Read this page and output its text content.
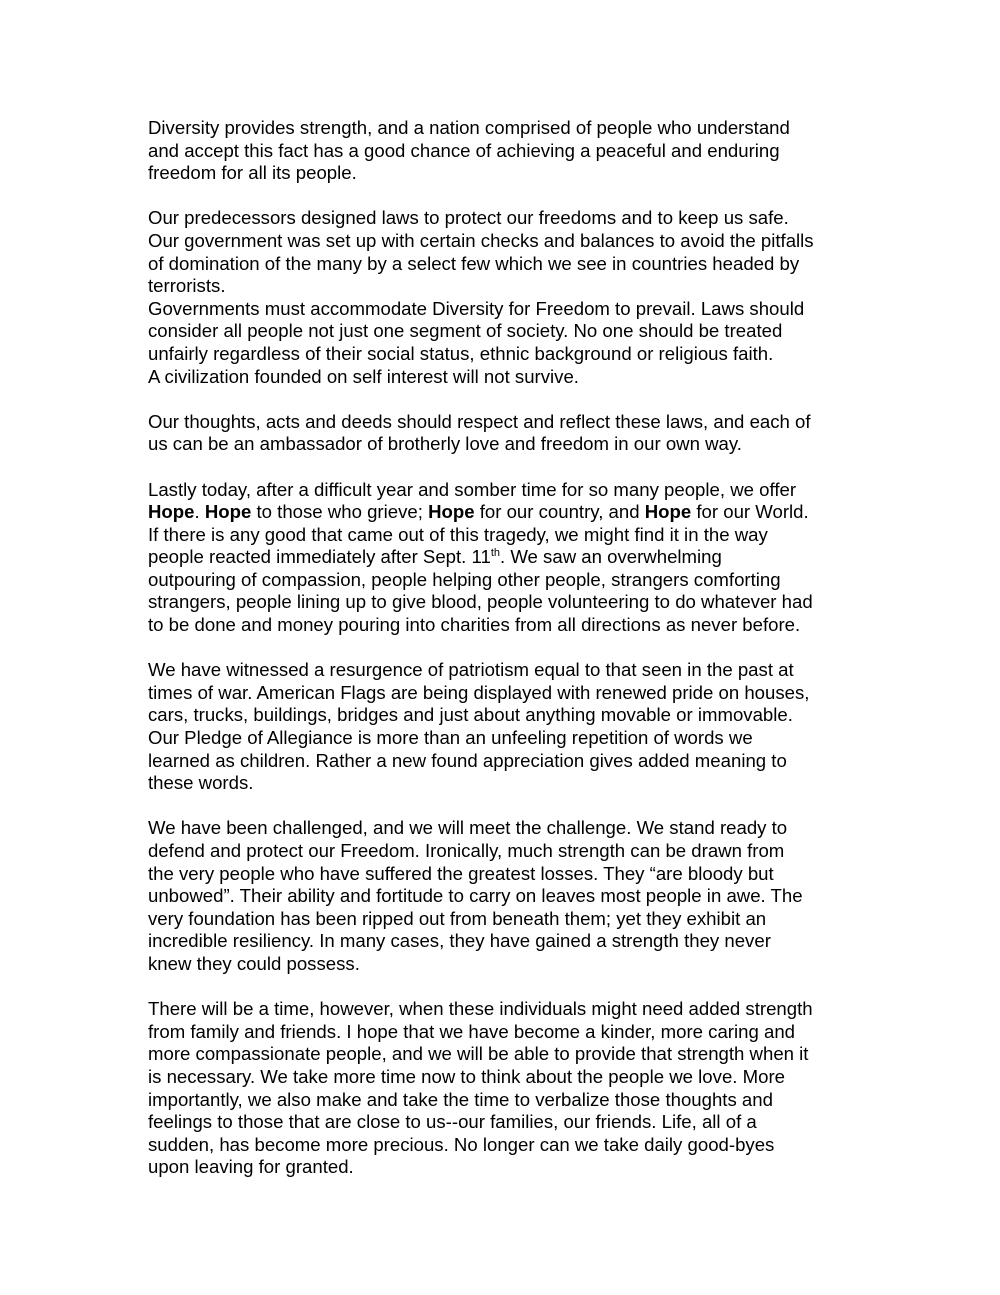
Diversity provides strength, and a nation comprised of people who understand
and accept this fact has a good chance of achieving a peaceful and enduring
freedom for all its people.

Our predecessors designed laws to protect our freedoms and to keep us safe.
Our government was set up with certain checks and balances to avoid the pitfalls
of domination of the many by a select few which we see in countries headed by
terrorists.

Governments must accommodate Diversity for Freedom to prevail. Laws should
consider all people not just one segment of society. No one should be treated
unfairly regardless of their social status, ethnic background or religious faith.
A civilization founded on self interest will not survive.

Our thoughts, acts and deeds should respect and reflect these laws, and each of
us can be an ambassador of brotherly love and freedom in our own way.

Lastly today, after a difficult year and somber time for so many people, we offer
Hope. Hope to those who grieve; Hope for our country, and Hope for our World.
If there is any good that came out of this tragedy, we might find it in the way
people reacted immediately after Sept. 11th. We saw an overwhelming
outpouring of compassion, people helping other people, strangers comforting
strangers, people lining up to give blood, people volunteering to do whatever had
to be done and money pouring into charities from all directions as never before.

We have witnessed a resurgence of patriotism equal to that seen in the past at
times of war. American Flags are being displayed with renewed pride on houses,
cars, trucks, buildings, bridges and just about anything movable or immovable.
Our Pledge of Allegiance is more than an unfeeling repetition of words we
learned as children. Rather a new found appreciation gives added meaning to
these words.

We have been challenged, and we will meet the challenge. We stand ready to
defend and protect our Freedom. Ironically, much strength can be drawn from
the very people who have suffered the greatest losses. They “are bloody but
unbowed”. Their ability and fortitude to carry on leaves most people in awe. The
very foundation has been ripped out from beneath them; yet they exhibit an
incredible resiliency. In many cases, they have gained a strength they never
knew they could possess.

There will be a time, however, when these individuals might need added strength
from family and friends. I hope that we have become a kinder, more caring and
more compassionate people, and we will be able to provide that strength when it
is necessary. We take more time now to think about the people we love. More
importantly, we also make and take the time to verbalize those thoughts and
feelings to those that are close to us--our families, our friends. Life, all of a
sudden, has become more precious. No longer can we take daily good-byes
upon leaving for granted.
